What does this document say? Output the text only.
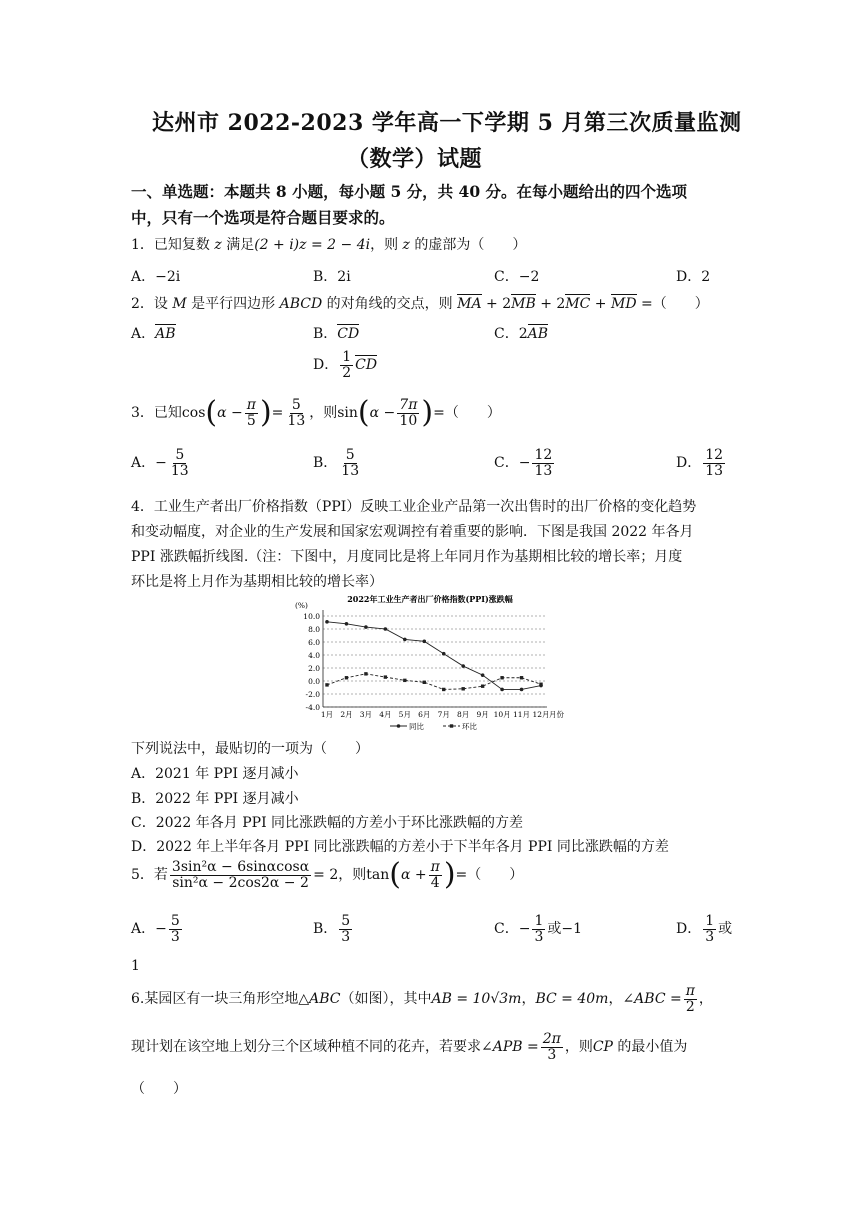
达州市 2022-2023 学年高一下学期 5 月第三次质量监测
（数学）试题
一、单选题：本题共 8 小题，每小题 5 分，共 40 分。在每小题给出的四个选项
中，只有一个选项是符合题目要求的。
1．已知复数 z 满足(2 + i)z = 2 − 4i，则 z 的虚部为（　　）
A．−2i	B．2i	C．−2	D．2
2．设 M 是平行四边形 ABCD 的对角线的交点，则 MA + 2MB + 2MC + MD =（　　）
A．AB	B．CD	C．2AB
D． $\frac{1}{2}$ CD
3．已知$\cos(\alpha - \frac{\pi}{5}$ )= $\frac{5}{13}$ ，则$\sin(\alpha - \frac{7\pi}{10}$ )=（　　）
A．− $\frac{5}{13}$	B． $\frac{5}{13}$	C．− $\frac{12}{13}$	D． $\frac{12}{13}$
4．工业生产者出厂价格指数（PPI）反映工业企业产品第一次出售时的出厂价格的变化趋势
和变动幅度，对企业的生产发展和国家宏观调控有着重要的影响．下图是我国 2022 年各月
PPI 涨跌幅折线图.（注：下图中，月度同比是将上年同月作为基期相比较的增长率；月度
环比是将上月作为基期相比较的增长率）
2022年工业生产者出厂价格指数(PPI)涨跌幅
(%)
10.0
8.0
6.0
4.0
2.0
0.0
-2.0
-4.0
1月 2月 3月 4月 5月 6月 7月 8月 9月 10月 11月 12月 月份
同比	环比
下列说法中，最贴切的一项为（　　）
A．2021 年 PPI 逐月减小
B．2022 年 PPI 逐月减小
C．2022 年各月 PPI 同比涨跌幅的方差小于环比涨跌幅的方差
D．2022 年上半年各月 PPI 同比涨跌幅的方差小于下半年各月 PPI 同比涨跌幅的方差
5．若 $\frac{\text{3sin²α − 6sinαcosα}}{\text{sin²α − 2cos2α − 2}} = 2$，则$\tan(\alpha + \frac{\pi}{4}$ )=（　　）
A．− $\frac{5}{3}$	B． $\frac{5}{3}$	C．− $\frac{1}{3}$ 或−1	D． $\frac{1}{3}$ 或
1
6.某园区有一块三角形空地△ABC（如图），其中AB = 10√3m，BC = 40m，∠ABC = $\frac{\pi}{2}$ ，
现计划在该空地上划分三个区域种植不同的花卉，若要求∠APB = $\frac{2\pi}{3}$ ，则CP 的最小值为
（　　）
